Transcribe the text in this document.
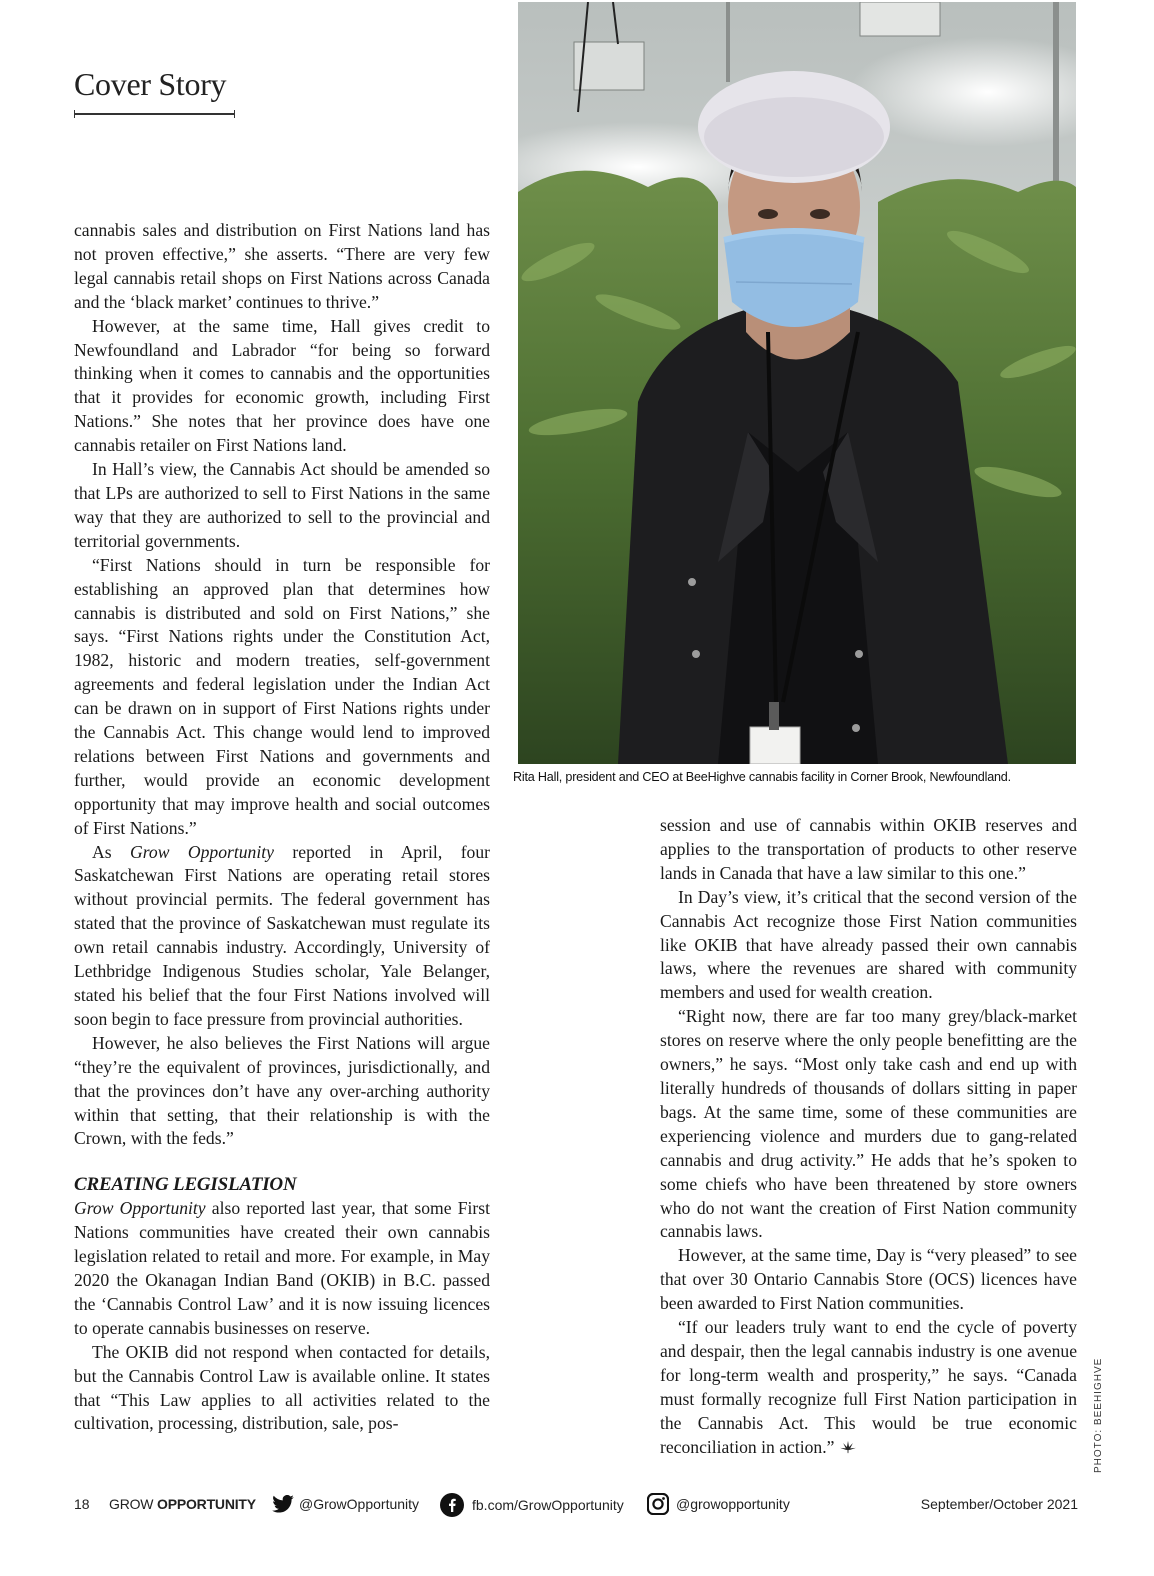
Cover Story

cannabis sales and distribution on First Nations land has not proven effective,” she asserts. “There are very few legal cannabis retail shops on First Nations across Canada and the ‘black market’ continues to thrive.”

However, at the same time, Hall gives credit to Newfoundland and Labrador “for being so forward thinking when it comes to cannabis and the opportunities that it provides for economic growth, including First Nations.” She notes that her province does have one cannabis retailer on First Nations land.

In Hall’s view, the Cannabis Act should be amended so that LPs are authorized to sell to First Nations in the same way that they are authorized to sell to the provincial and territorial governments.

“First Nations should in turn be responsible for establishing an approved plan that determines how cannabis is distributed and sold on First Nations,” she says. “First Nations rights under the Constitution Act, 1982, historic and modern treaties, self-government agreements and federal legislation under the Indian Act can be drawn on in support of First Nations rights under the Cannabis Act. This change would lend to improved relations between First Nations and governments and further, would provide an economic development opportunity that may improve health and social outcomes of First Nations.”

As Grow Opportunity reported in April, four Saskatchewan First Nations are operating retail stores without provincial permits. The federal government has stated that the province of Saskatchewan must regulate its own retail cannabis industry. Accordingly, University of Lethbridge Indigenous Studies scholar, Yale Belanger, stated his belief that the four First Nations involved will soon begin to face pressure from provincial authorities.

However, he also believes the First Nations will argue “they’re the equivalent of provinces, jurisdictionally, and that the provinces don’t have any over-arching authority within that setting, that their relationship is with the Crown, with the feds.”

CREATING LEGISLATION

Grow Opportunity also reported last year, that some First Nations communities have created their own cannabis legislation related to retail and more. For example, in May 2020 the Okanagan Indian Band (OKIB) in B.C. passed the ‘Cannabis Control Law’ and it is now issuing licences to operate cannabis businesses on reserve.

The OKIB did not respond when contacted for details, but the Cannabis Control Law is available online. It states that “This Law applies to all activities related to the cultivation, processing, distribution, sale, pos-

session and use of cannabis within OKIB reserves and applies to the transportation of products to other reserve lands in Canada that have a law similar to this one.”

In Day’s view, it’s critical that the second version of the Cannabis Act recognize those First Nation communities like OKIB that have already passed their own cannabis laws, where the revenues are shared with community members and used for wealth creation.

“Right now, there are far too many grey/black-market stores on reserve where the only people benefitting are the owners,” he says. “Most only take cash and end up with literally hundreds of thousands of dollars sitting in paper bags. At the same time, some of these communities are experiencing violence and murders due to gang-related cannabis and drug activity.” He adds that he’s spoken to some chiefs who have been threatened by store owners who do not want the creation of First Nation community cannabis laws.

However, at the same time, Day is “very pleased” to see that over 30 Ontario Cannabis Store (OCS) licences have been awarded to First Nation communities.

“If our leaders truly want to end the cycle of poverty and despair, then the legal cannabis industry is one avenue for long-term wealth and prosperity,” he says. “Canada must formally recognize full First Nation participation in the Cannabis Act. This would be true economic reconciliation in action.”

Rita Hall, president and CEO at BeeHighve cannabis facility in Corner Brook, Newfoundland.
PHOTO: BEEHIGHVE
18 GROW OPPORTUNITY	@GrowOpportunity	fb.com/GrowOpportunity	@growopportunity	September/October 2021
